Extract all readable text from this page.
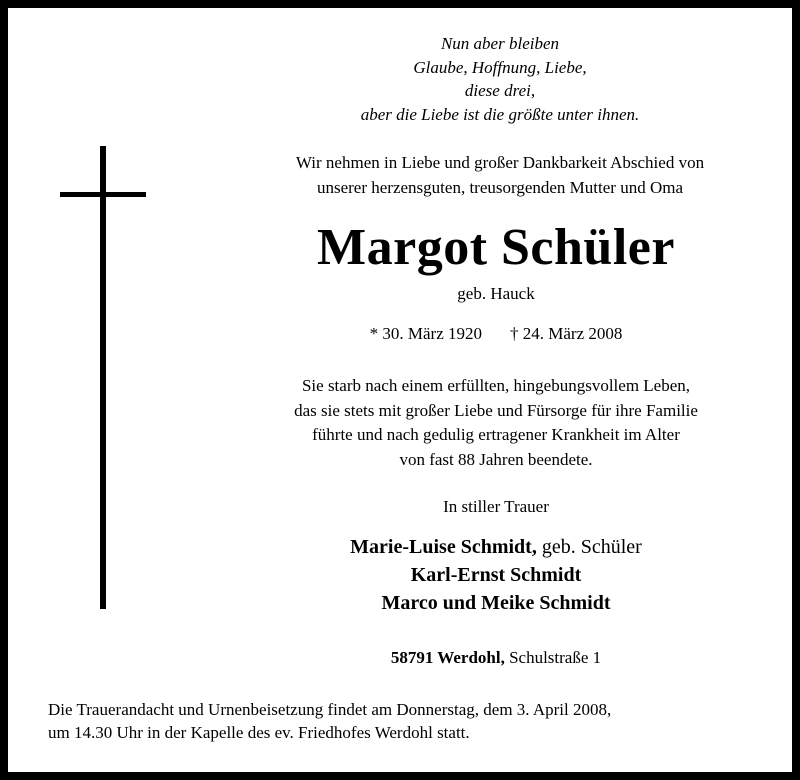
Nun aber bleiben
Glaube, Hoffnung, Liebe,
diese drei,
aber die Liebe ist die größte unter ihnen.
Wir nehmen in Liebe und großer Dankbarkeit Abschied von
unserer herzensguten, treusorgenden Mutter und Oma
Margot Schüler
geb. Hauck
* 30. März 1920 † 24. März 2008
Sie starb nach einem erfüllten, hingebungsvollem Leben,
das sie stets mit großer Liebe und Fürsorge für ihre Familie
führte und nach gedulig ertragener Krankheit im Alter
von fast 88 Jahren beendete.
In stiller Trauer
Marie-Luise Schmidt, geb. Schüler
Karl-Ernst Schmidt
Marco und Meike Schmidt
58791 Werdohl, Schulstraße 1
Die Trauerandacht und Urnenbeisetzung findet am Donnerstag, dem 3. April 2008,
um 14.30 Uhr in der Kapelle des ev. Friedhofes Werdohl statt.
